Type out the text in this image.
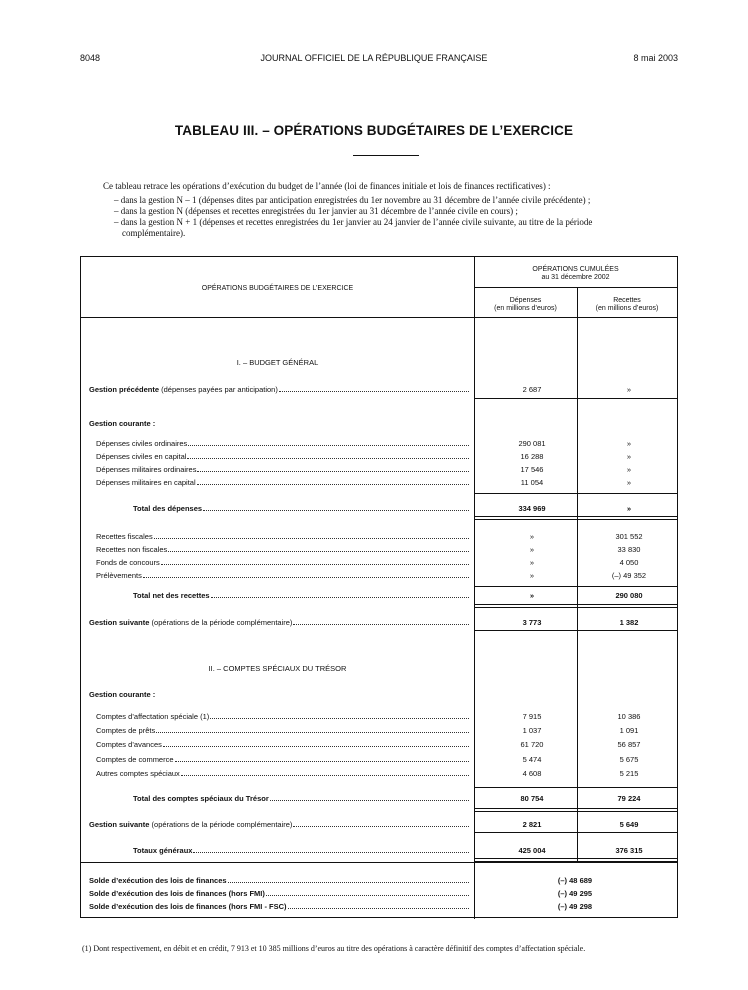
8048	JOURNAL OFFICIEL DE LA RÉPUBLIQUE FRANÇAISE	8 mai 2003
TABLEAU III. – OPÉRATIONS BUDGÉTAIRES DE L’EXERCICE
Ce tableau retrace les opérations d’exécution du budget de l’année (loi de finances initiale et lois de finances rectificatives) :
– dans la gestion N – 1 (dépenses dites par anticipation enregistrées du 1er novembre au 31 décembre de l’année civile précédente) ;
– dans la gestion N (dépenses et recettes enregistrées du 1er janvier au 31 décembre de l’année civile en cours) ;
– dans la gestion N + 1 (dépenses et recettes enregistrées du 1er janvier au 24 janvier de l’année civile suivante, au titre de la période
complémentaire).
OPÉRATIONS BUDGÉTAIRES DE L’EXERCICE
OPÉRATIONS CUMULÉES
au 31 décembre 2002
Dépenses
(en millions d’euros)
Recettes
(en millions d’euros)
I. – BUDGET GÉNÉRAL
Gestion précédente (dépenses payées par anticipation)	2 687	»
Gestion courante :
Dépenses civiles ordinaires	290 081	»
Dépenses civiles en capital	16 288	»
Dépenses militaires ordinaires	17 546	»
Dépenses militaires en capital	11 054	»
Total des dépenses	334 969	»
Recettes fiscales	»	301 552
Recettes non fiscales	»	33 830
Fonds de concours	»	4 050
Prélèvements	»	(–) 49 352
Total net des recettes	»	290 080
Gestion suivante (opérations de la période complémentaire)	3 773	1 382
II. – COMPTES SPÉCIAUX DU TRÉSOR
Gestion courante :
Comptes d’affectation spéciale (1)	7 915	10 386
Comptes de prêts	1 037	1 091
Comptes d’avances	61 720	56 857
Comptes de commerce	5 474	5 675
Autres comptes spéciaux	4 608	5 215
Total des comptes spéciaux du Trésor	80 754	79 224
Gestion suivante (opérations de la période complémentaire)	2 821	5 649
Totaux généraux	425 004	376 315
Solde d’exécution des lois de finances	(–) 48 689
Solde d’exécution des lois de finances (hors FMI)	(–) 49 295
Solde d’exécution des lois de finances (hors FMI - FSC)	(–) 49 298
(1) Dont respectivement, en débit et en crédit, 7 913 et 10 385 millions d’euros au titre des opérations à caractère définitif des comptes d’affectation spéciale.
